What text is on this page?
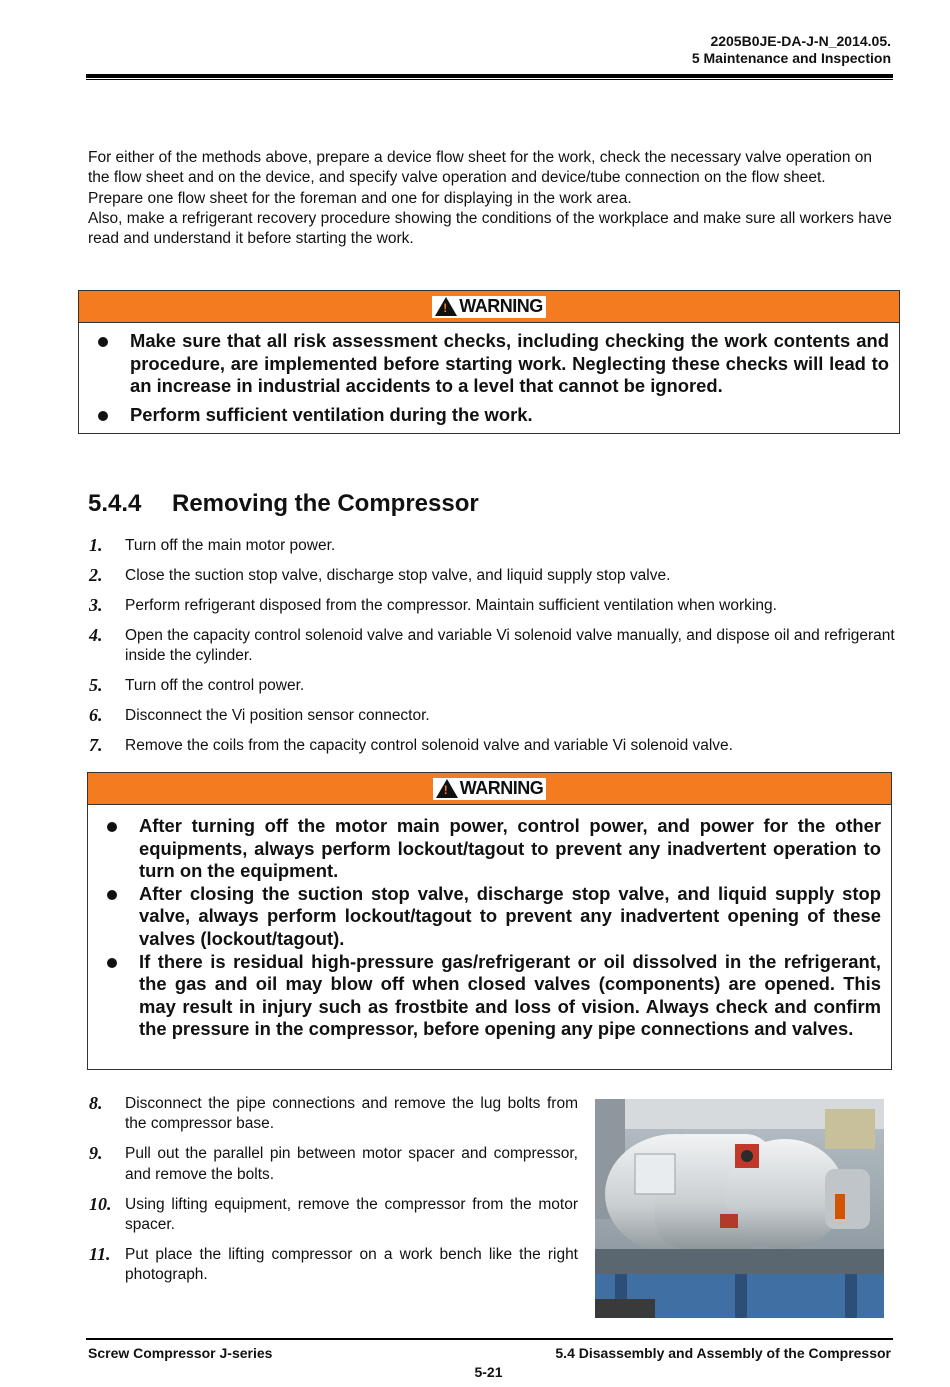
2205B0JE-DA-J-N_2014.05.
5 Maintenance and Inspection

For either of the methods above, prepare a device flow sheet for the work, check the necessary valve operation on the flow sheet and on the device, and specify valve operation and device/tube connection on the flow sheet.

Prepare one flow sheet for the foreman and one for displaying in the work area.

Also, make a refrigerant recovery procedure showing the conditions of the workplace and make sure all workers have read and understand it before starting the work.

! WARNING
Make sure that all risk assessment checks, including checking the work contents and procedure, are implemented before starting work. Neglecting these checks will lead to an increase in industrial accidents to a level that cannot be ignored.
Perform sufficient ventilation during the work.
5.4.4 Removing the Compressor
1. Turn off the main motor power.
2. Close the suction stop valve, discharge stop valve, and liquid supply stop valve.
3. Perform refrigerant disposed from the compressor. Maintain sufficient ventilation when working.
4. Open the capacity control solenoid valve and variable Vi solenoid valve manually, and dispose oil and refrigerant inside the cylinder.
5. Turn off the control power.
6. Disconnect the Vi position sensor connector.
7. Remove the coils from the capacity control solenoid valve and variable Vi solenoid valve.
! WARNING
After turning off the motor main power, control power, and power for the other equipments, always perform lockout/tagout to prevent any inadvertent operation to turn on the equipment.
After closing the suction stop valve, discharge stop valve, and liquid supply stop valve, always perform lockout/tagout to prevent any inadvertent opening of these valves (lockout/tagout).
If there is residual high-pressure gas/refrigerant or oil dissolved in the refrigerant, the gas and oil may blow off when closed valves (components) are opened. This may result in injury such as frostbite and loss of vision. Always check and confirm the pressure in the compressor, before opening any pipe connections and valves.
8. Disconnect the pipe connections and remove the lug bolts from the compressor base.
9. Pull out the parallel pin between motor spacer and compressor, and remove the bolts.
10. Using lifting equipment, remove the compressor from the motor spacer.
11. Put place the lifting compressor on a work bench like the right photograph.
Screw Compressor J-series	5.4 Disassembly and Assembly of the Compressor
5-21
